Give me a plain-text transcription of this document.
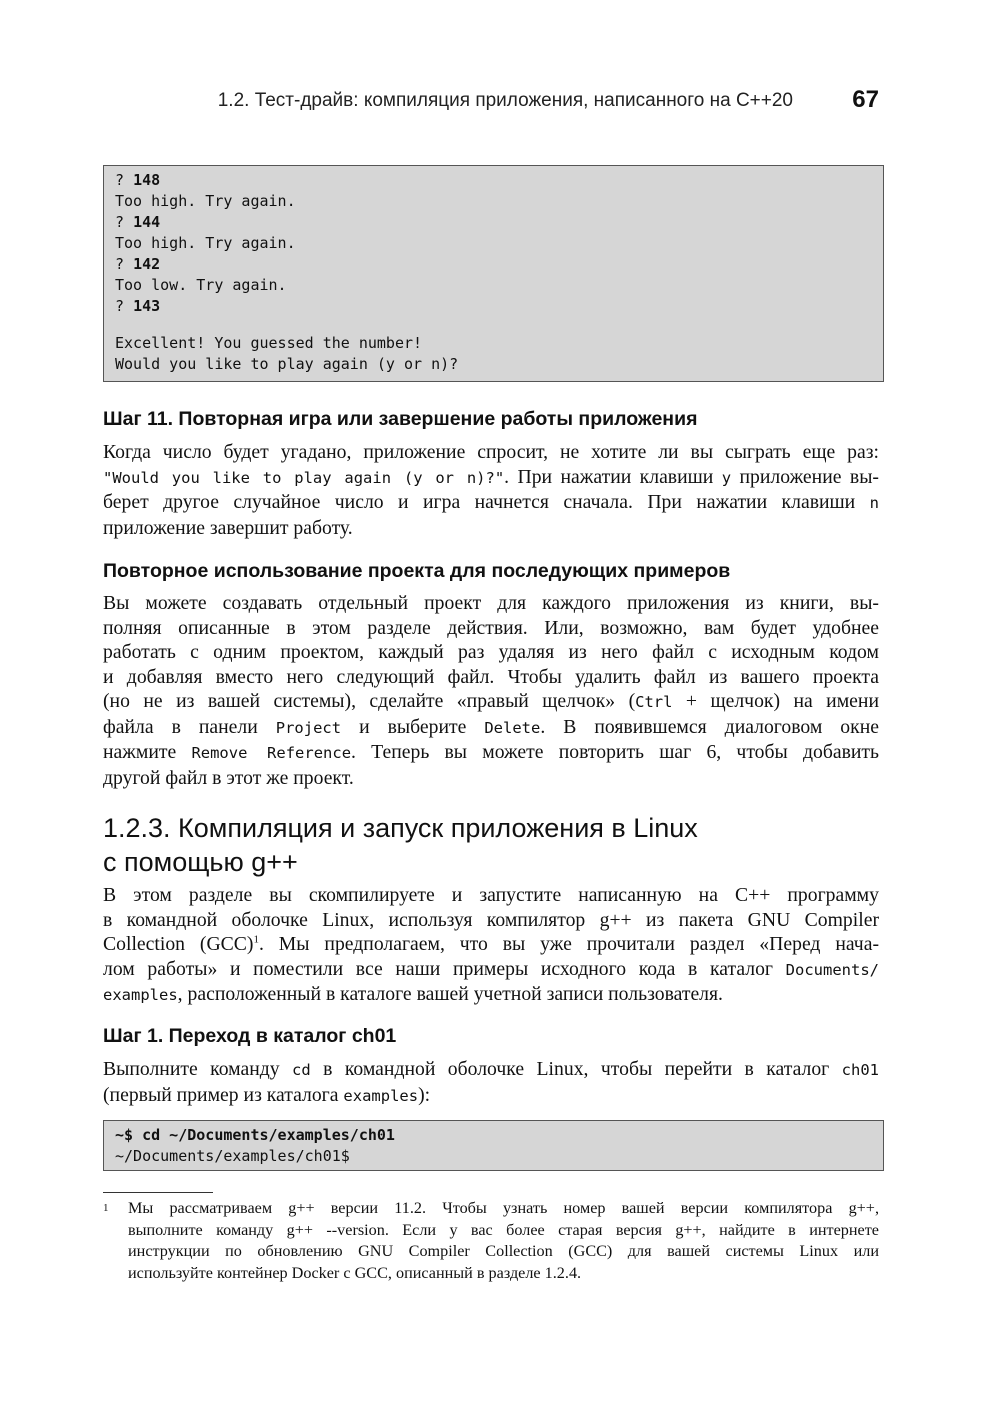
1.2. Тест-драйв: компиляция приложения, написанного на C++20 67
? 148
Too high. Try again.
? 144
Too high. Try again.
? 142
Too low. Try again.
? 143
Excellent! You guessed the number!
Would you like to play again (y or n)?
Шаг 11. Повторная игра или завершение работы приложения
Когда число будет угадано, приложение спросит, не хотите ли вы сыграть еще раз:
"Would you like to play again (y or n)?". При нажатии клавиши y приложение вы-
берет другое случайное число и игра начнется сначала. При нажатии клавиши n
приложение завершит работу.
Повторное использование проекта для последующих примеров
Вы можете создавать отдельный проект для каждого приложения из книги, вы-
полняя описанные в этом разделе действия. Или, возможно, вам будет удобнее
работать с одним проектом, каждый раз удаляя из него файл с исходным кодом
и добавляя вместо него следующий файл. Чтобы удалить файл из вашего проекта
(но не из вашей системы), сделайте «правый щелчок» (Ctrl + щелчок) на имени
файла в панели Project и выберите Delete. В появившемся диалоговом окне
нажмите Remove Reference. Теперь вы можете повторить шаг 6, чтобы добавить
другой файл в этот же проект.
1.2.3. Компиляция и запуск приложения в Linux
с помощью g++
В этом разделе вы скомпилируете и запустите написанную на C++ программу
в командной оболочке Linux, используя компилятор g++ из пакета GNU Compiler
Collection (GCC)$^1$. Мы предполагаем, что вы уже прочитали раздел «Перед нача-
лом работы» и поместили все наши примеры исходного кода в каталог Documents/
examples, расположенный в каталоге вашей учетной записи пользователя.
Шаг 1. Переход в каталог ch01
Выполните команду cd в командной оболочке Linux, чтобы перейти в каталог ch01
(первый пример из каталога examples):
~$ cd ~/Documents/examples/ch01
~/Documents/examples/ch01$
1 Мы рассматриваем g++ версии 11.2. Чтобы узнать номер вашей версии компилятора g++,
выполните команду g++ --version. Если у вас более старая версия g++, найдите в интернете
инструкции по обновлению GNU Compiler Collection (GCC) для вашей системы Linux или
используйте контейнер Docker с GCC, описанный в разделе 1.2.4.
